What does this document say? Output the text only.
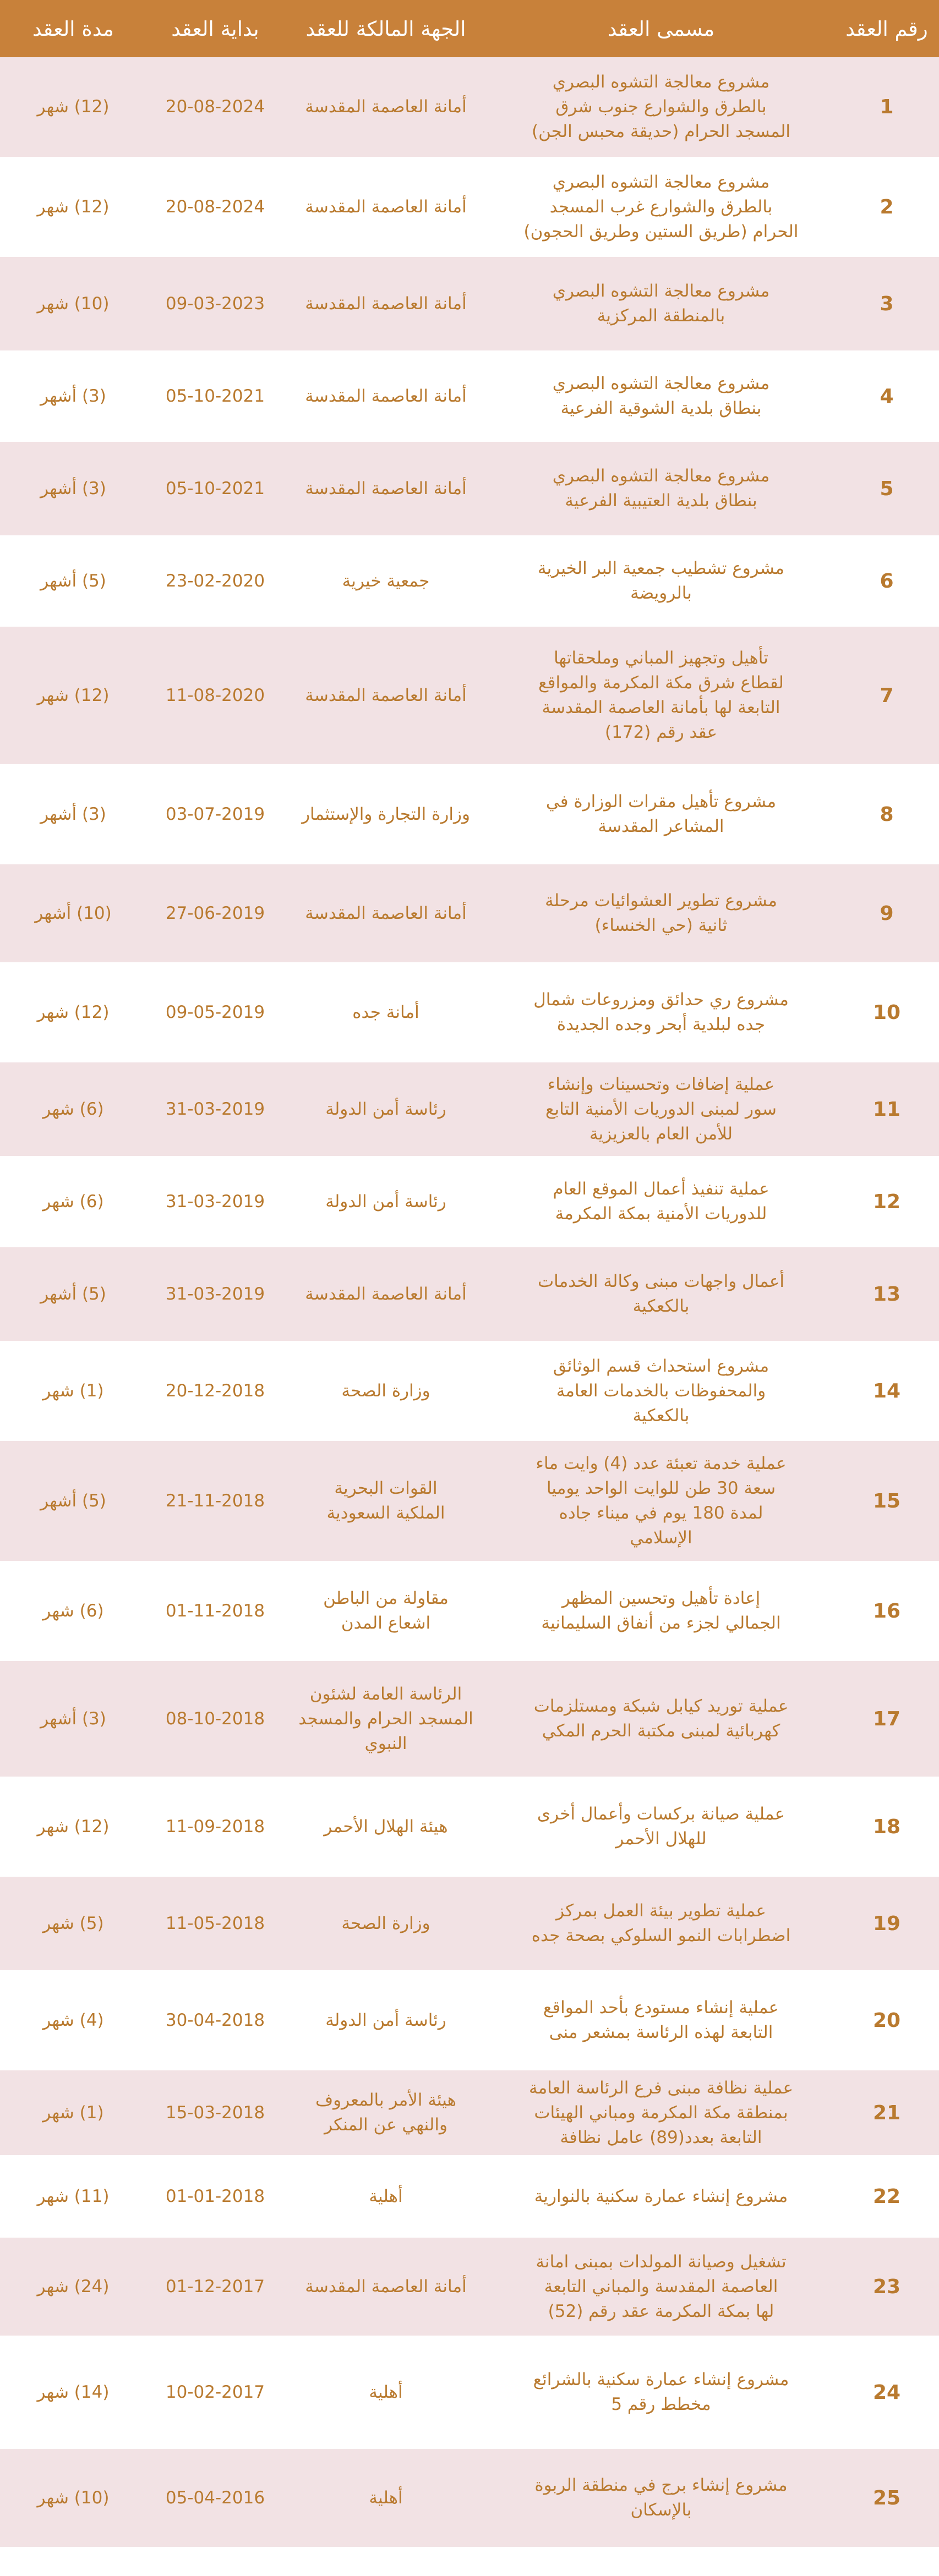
رقم العقد	مسمى العقد	الجهة المالكة للعقد	بداية العقد	مدة العقد
1	مشروع معالجة التشوه البصري
بالطرق والشوارع جنوب شرق
المسجد الحرام (حديقة محبس الجن)	أمانة العاصمة المقدسة	20-08-2024	(12) شهر
2	مشروع معالجة التشوه البصري
بالطرق والشوارع غرب المسجد
الحرام (طريق الستين وطريق الحجون)	أمانة العاصمة المقدسة	20-08-2024	(12) شهر
3	مشروع معالجة التشوه البصري
بالمنطقة المركزية	أمانة العاصمة المقدسة	09-03-2023	(10) شهر
4	مشروع معالجة التشوه البصري
بنطاق بلدية الشوقية الفرعية	أمانة العاصمة المقدسة	05-10-2021	(3) أشهر
5	مشروع معالجة التشوه البصري
بنطاق بلدية العتيبية الفرعية	أمانة العاصمة المقدسة	05-10-2021	(3) أشهر
6	مشروع تشطيب جمعية البر الخيرية
بالرويضة	جمعية خيرية	23-02-2020	(5) أشهر
7	تأهيل وتجهيز المباني وملحقاتها
لقطاع شرق مكة المكرمة والمواقع
التابعة لها بأمانة العاصمة المقدسة
عقد رقم (172)	أمانة العاصمة المقدسة	11-08-2020	(12) شهر
8	مشروع تأهيل مقرات الوزارة في
المشاعر المقدسة	وزارة التجارة والإستثمار	03-07-2019	(3) أشهر
9	مشروع تطوير العشوائيات مرحلة
ثانية (حي الخنساء)	أمانة العاصمة المقدسة	27-06-2019	(10) أشهر
10	مشروع ري حدائق ومزروعات شمال
جده لبلدية أبحر وجده الجديدة	أمانة جده	09-05-2019	(12) شهر
11	عملية إضافات وتحسينات وإنشاء
سور لمبنى الدوريات الأمنية التابع
للأمن العام بالعزيزية	رئاسة أمن الدولة	31-03-2019	(6) شهر
12	عملية تنفيذ أعمال الموقع العام
للدوريات الأمنية بمكة المكرمة	رئاسة أمن الدولة	31-03-2019	(6) شهر
13	أعمال واجهات مبنى وكالة الخدمات
بالكعكية	أمانة العاصمة المقدسة	31-03-2019	(5) أشهر
14	مشروع استحداث قسم الوثائق
والمحفوظات بالخدمات العامة
بالكعكية	وزارة الصحة	20-12-2018	(1) شهر
15	عملية خدمة تعبئة عدد (4) وايت ماء
سعة 30 طن للوايت الواحد يوميا
لمدة 180 يوم في ميناء جاده
الإسلامي	القوات البحرية
الملكية السعودية	21-11-2018	(5) أشهر
16	إعادة تأهيل وتحسين المظهر
الجمالي لجزء من أنفاق السليمانية	مقاولة من الباطن
اشعاع المدن	01-11-2018	(6) شهر
17	عملية توريد كيابل شبكة ومستلزمات
كهربائية لمبنى مكتبة الحرم المكي	الرئاسة العامة لشئون
المسجد الحرام والمسجد
النبوي	08-10-2018	(3) أشهر
18	عملية صيانة بركسات وأعمال أخرى
للهلال الأحمر	هيئة الهلال الأحمر	11-09-2018	(12) شهر
19	عملية تطوير بيئة العمل بمركز
اضطرابات النمو السلوكي بصحة جده	وزارة الصحة	11-05-2018	(5) شهر
20	عملية إنشاء مستودع بأحد المواقع
التابعة لهذه الرئاسة بمشعر منى	رئاسة أمن الدولة	30-04-2018	(4) شهر
21	عملية نظافة مبنى فرع الرئاسة العامة
بمنطقة مكة المكرمة ومباني الهيئات
التابعة بعدد(89) عامل نظافة	هيئة الأمر بالمعروف
والنهي عن المنكر	15-03-2018	(1) شهر
22	مشروع إنشاء عمارة سكنية بالنوارية	أهلية	01-01-2018	(11) شهر
23	تشغيل وصيانة المولدات بمبنى امانة
العاصمة المقدسة والمباني التابعة
لها بمكة المكرمة عقد رقم (52)	أمانة العاصمة المقدسة	01-12-2017	(24) شهر
24	مشروع إنشاء عمارة سكنية بالشرائع
مخطط رقم 5	أهلية	10-02-2017	(14) شهر
25	مشروع إنشاء برج في منطقة الربوة
بالإسكان	أهلية	05-04-2016	(10) شهر
